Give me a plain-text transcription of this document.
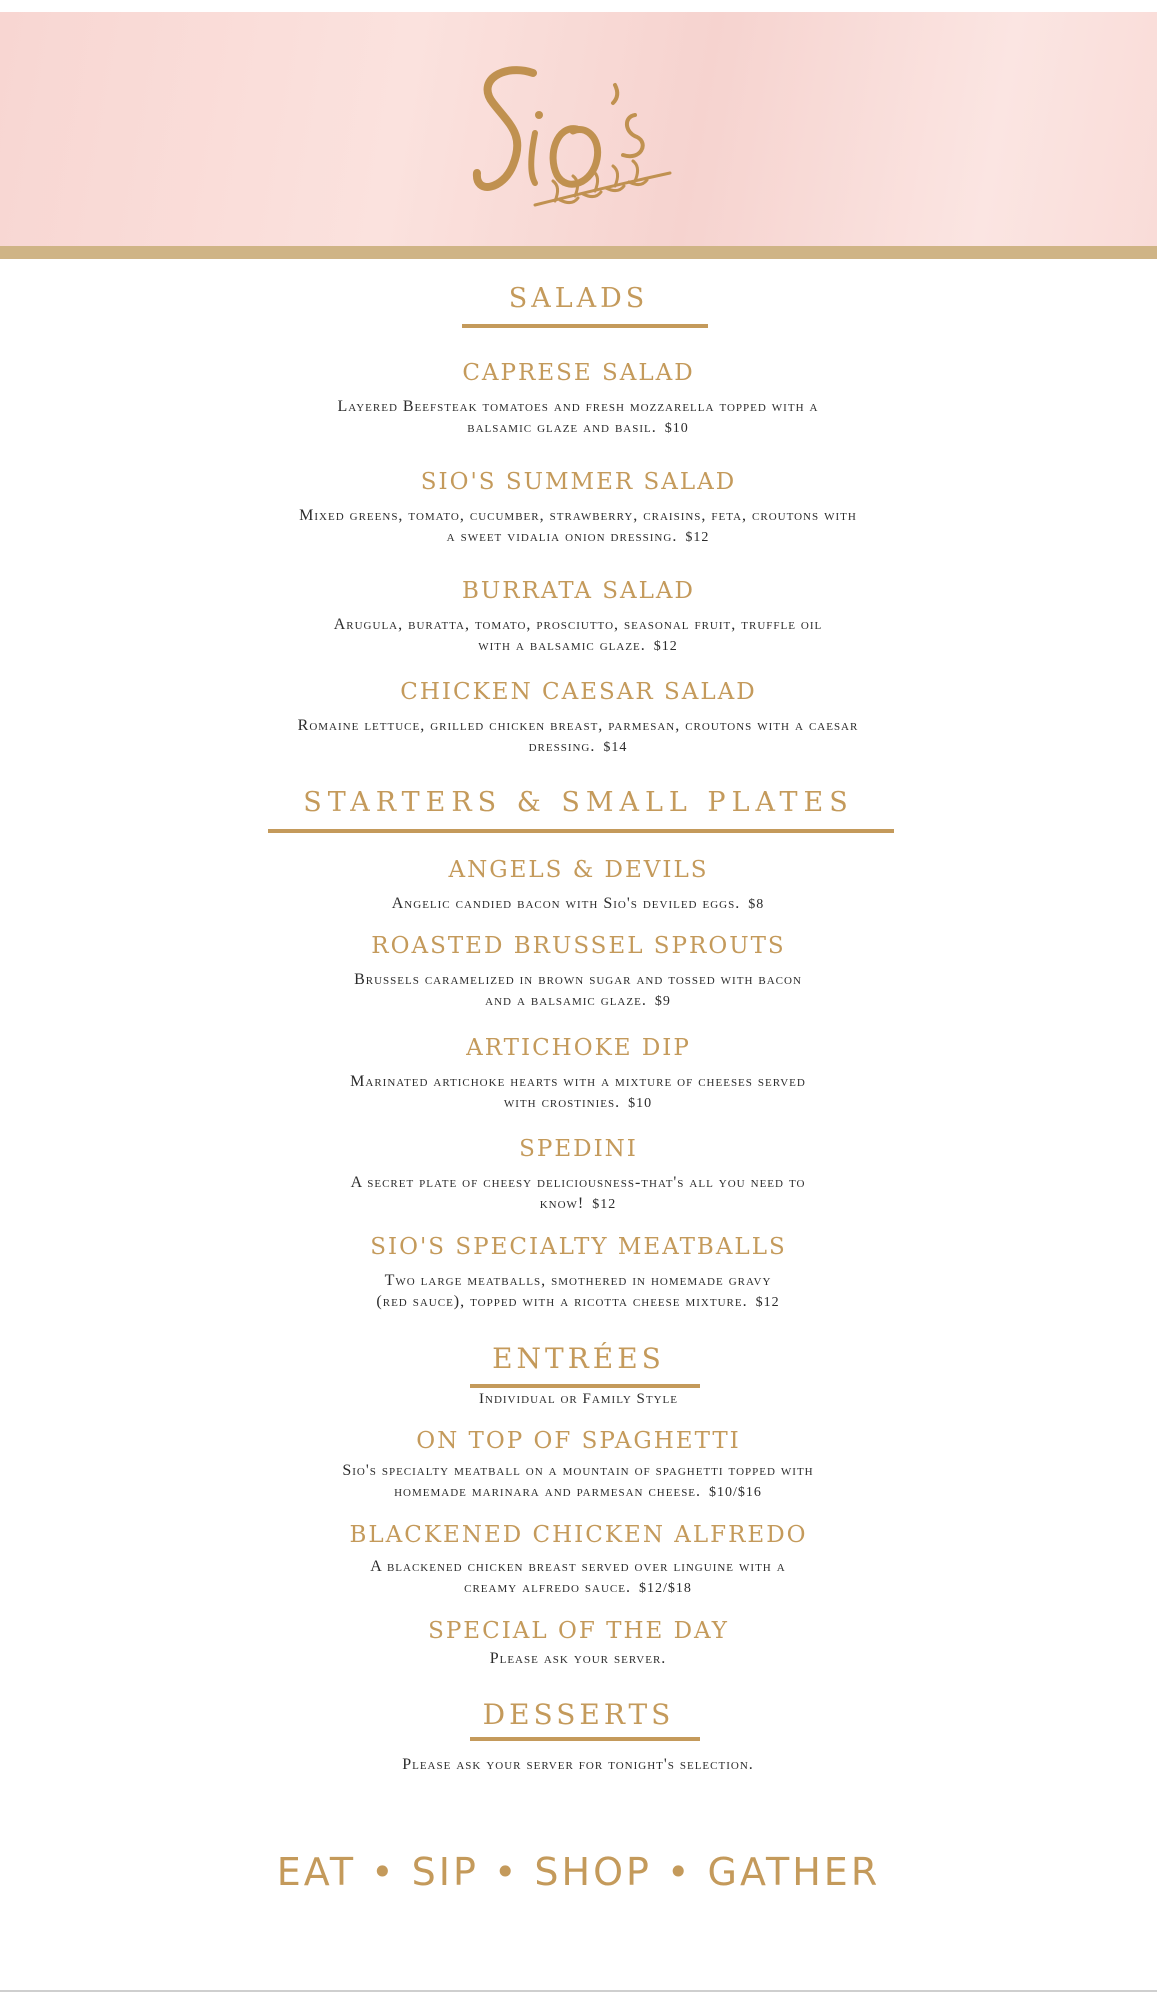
SALADS
CAPRESE SALAD
Layered Beefsteak tomatoes and fresh mozzarella topped with a
balsamic glaze and basil. $10
SIO'S SUMMER SALAD
Mixed greens, tomato, cucumber, strawberry, craisins, feta, croutons with
a sweet vidalia onion dressing. $12
BURRATA SALAD
Arugula, buratta, tomato, prosciutto, seasonal fruit, truffle oil
with a balsamic glaze. $12
CHICKEN CAESAR SALAD
Romaine lettuce, grilled chicken breast, parmesan, croutons with a caesar
dressing. $14
STARTERS & SMALL PLATES
ANGELS & DEVILS
Angelic candied bacon with Sio's deviled eggs. $8
ROASTED BRUSSEL SPROUTS
Brussels caramelized in brown sugar and tossed with bacon
and a balsamic glaze. $9
ARTICHOKE DIP
Marinated artichoke hearts with a mixture of cheeses served
with crostinies. $10
SPEDINI
A secret plate of cheesy deliciousness-that's all you need to
know! $12
SIO'S SPECIALTY MEATBALLS
Two large meatballs, smothered in homemade gravy
(red sauce), topped with a ricotta cheese mixture. $12
ENTRÉES
Individual or Family Style
ON TOP OF SPAGHETTI
Sio's specialty meatball on a mountain of spaghetti topped with
homemade marinara and parmesan cheese. $10/$16
BLACKENED CHICKEN ALFREDO
A blackened chicken breast served over linguine with a
creamy alfredo sauce. $12/$18
SPECIAL OF THE DAY
Please ask your server.
DESSERTS
Please ask your server for tonight's selection.
EAT • SIP • SHOP • GATHER
